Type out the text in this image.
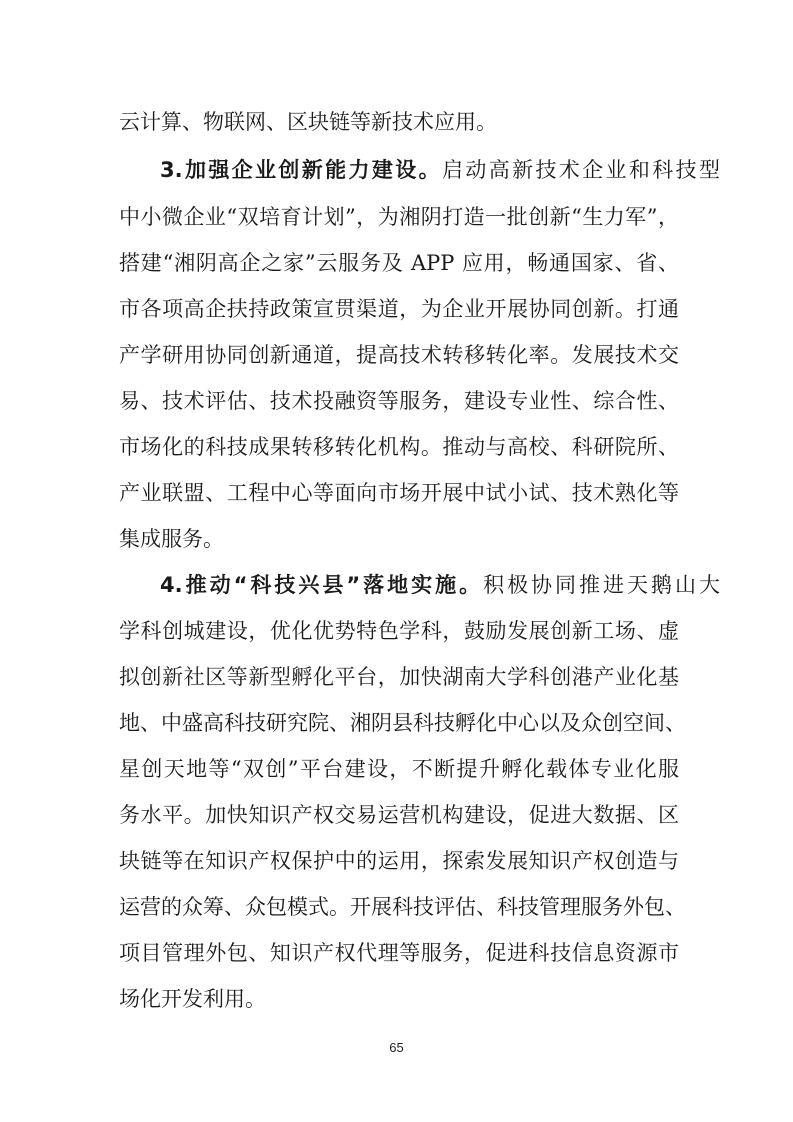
云计算、物联网、区块链等新技术应用。
3.加强企业创新能力建设。启动高新技术企业和科技型
中小微企业“双培育计划”，为湘阴打造一批创新“生力军”，
搭建“湘阴高企之家”云服务及 APP 应用，畅通国家、省、
市各项高企扶持政策宣贯渠道，为企业开展协同创新。打通
产学研用协同创新通道，提高技术转移转化率。发展技术交
易、技术评估、技术投融资等服务，建设专业性、综合性、
市场化的科技成果转移转化机构。推动与高校、科研院所、
产业联盟、工程中心等面向市场开展中试小试、技术熟化等
集成服务。
4.推动“科技兴县”落地实施。积极协同推进天鹅山大
学科创城建设，优化优势特色学科，鼓励发展创新工场、虚
拟创新社区等新型孵化平台，加快湖南大学科创港产业化基
地、中盛高科技研究院、湘阴县科技孵化中心以及众创空间、
星创天地等“双创”平台建设，不断提升孵化载体专业化服
务水平。加快知识产权交易运营机构建设，促进大数据、区
块链等在知识产权保护中的运用，探索发展知识产权创造与
运营的众筹、众包模式。开展科技评估、科技管理服务外包、
项目管理外包、知识产权代理等服务，促进科技信息资源市
场化开发利用。
65
